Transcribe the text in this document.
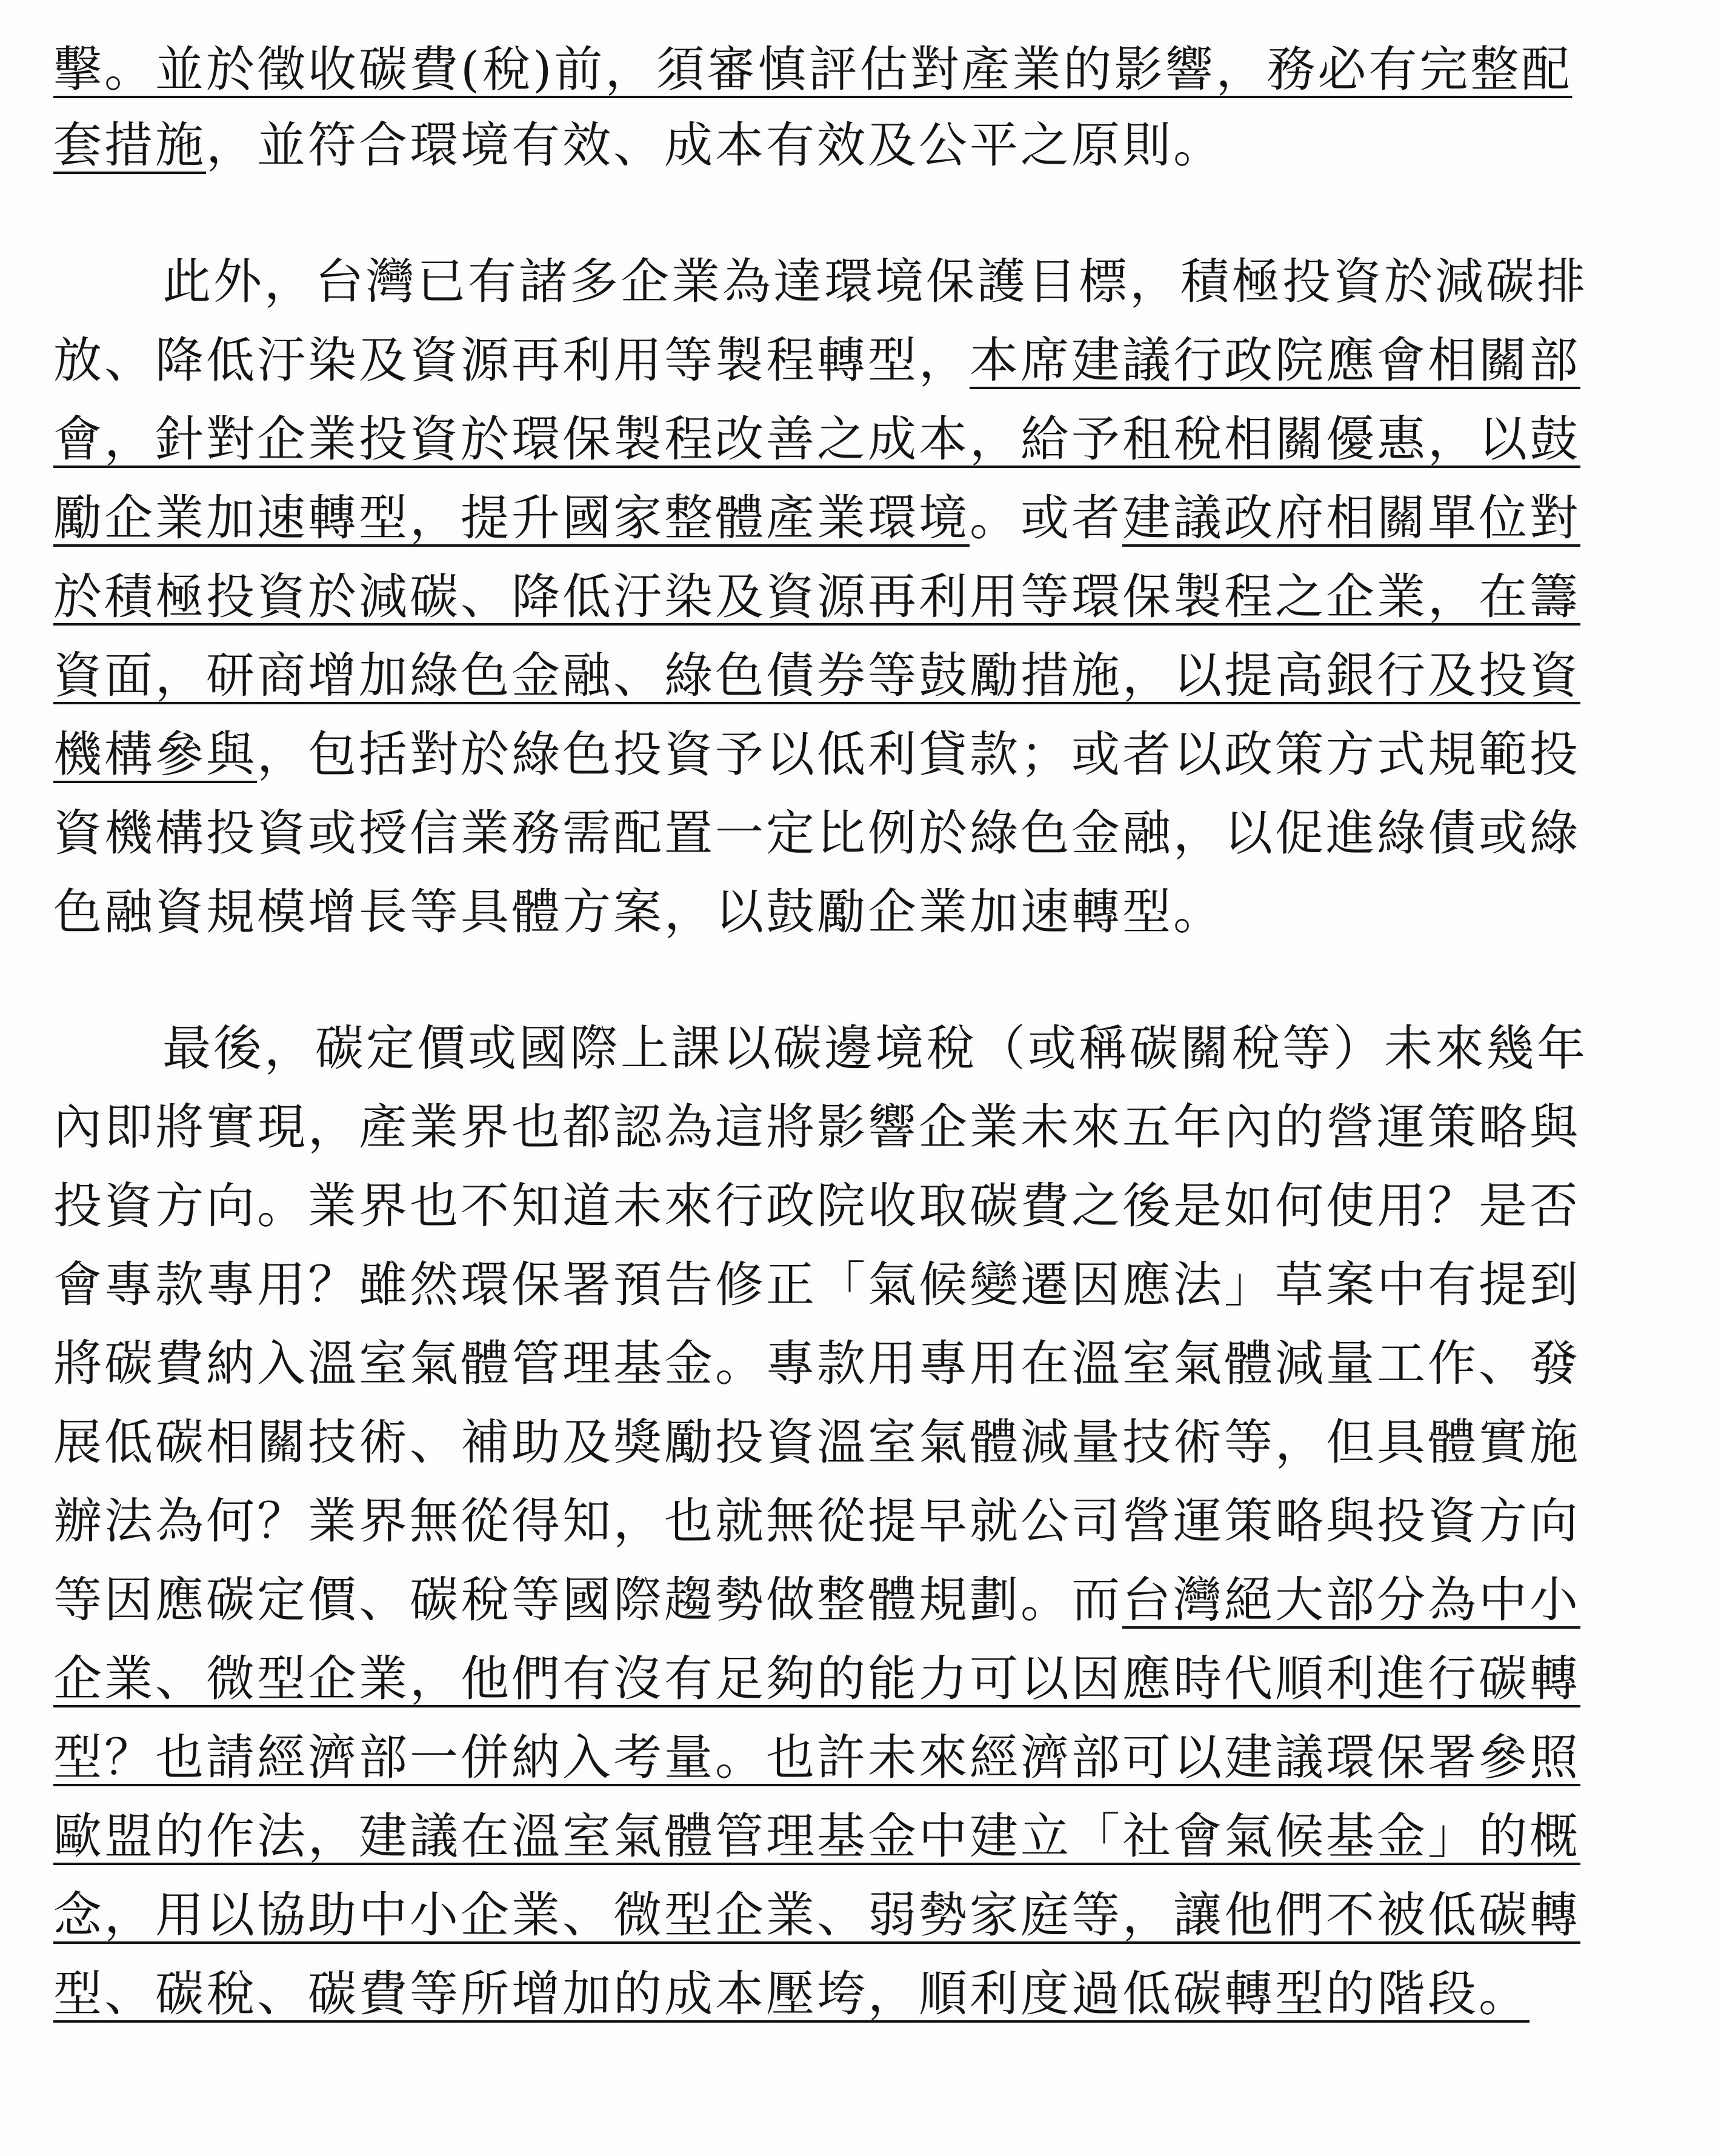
擊。並於徵收碳費(稅)前，須審慎評估對產業的影響，務必有完整配
套措施，並符合環境有效、成本有效及公平之原則。
此外，台灣已有諸多企業為達環境保護目標，積極投資於減碳排
放、降低汙染及資源再利用等製程轉型，本席建議行政院應會相關部
會，針對企業投資於環保製程改善之成本，給予租稅相關優惠，以鼓
勵企業加速轉型，提升國家整體產業環境。或者建議政府相關單位對
於積極投資於減碳、降低汙染及資源再利用等環保製程之企業，在籌
資面，研商增加綠色金融、綠色債券等鼓勵措施，以提高銀行及投資
機構參與，包括對於綠色投資予以低利貸款；或者以政策方式規範投
資機構投資或授信業務需配置一定比例於綠色金融，以促進綠債或綠
色融資規模增長等具體方案，以鼓勵企業加速轉型。
最後，碳定價或國際上課以碳邊境稅（或稱碳關稅等）未來幾年
內即將實現，產業界也都認為這將影響企業未來五年內的營運策略與
投資方向。業界也不知道未來行政院收取碳費之後是如何使用？是否
會專款專用？雖然環保署預告修正「氣候變遷因應法」草案中有提到
將碳費納入溫室氣體管理基金。專款用專用在溫室氣體減量工作、發
展低碳相關技術、補助及獎勵投資溫室氣體減量技術等，但具體實施
辦法為何？業界無從得知，也就無從提早就公司營運策略與投資方向
等因應碳定價、碳稅等國際趨勢做整體規劃。而台灣絕大部分為中小
企業、微型企業，他們有沒有足夠的能力可以因應時代順利進行碳轉
型？也請經濟部一併納入考量。也許未來經濟部可以建議環保署參照
歐盟的作法，建議在溫室氣體管理基金中建立「社會氣候基金」的概
念，用以協助中小企業、微型企業、弱勢家庭等，讓他們不被低碳轉
型、碳稅、碳費等所增加的成本壓垮，順利度過低碳轉型的階段。
